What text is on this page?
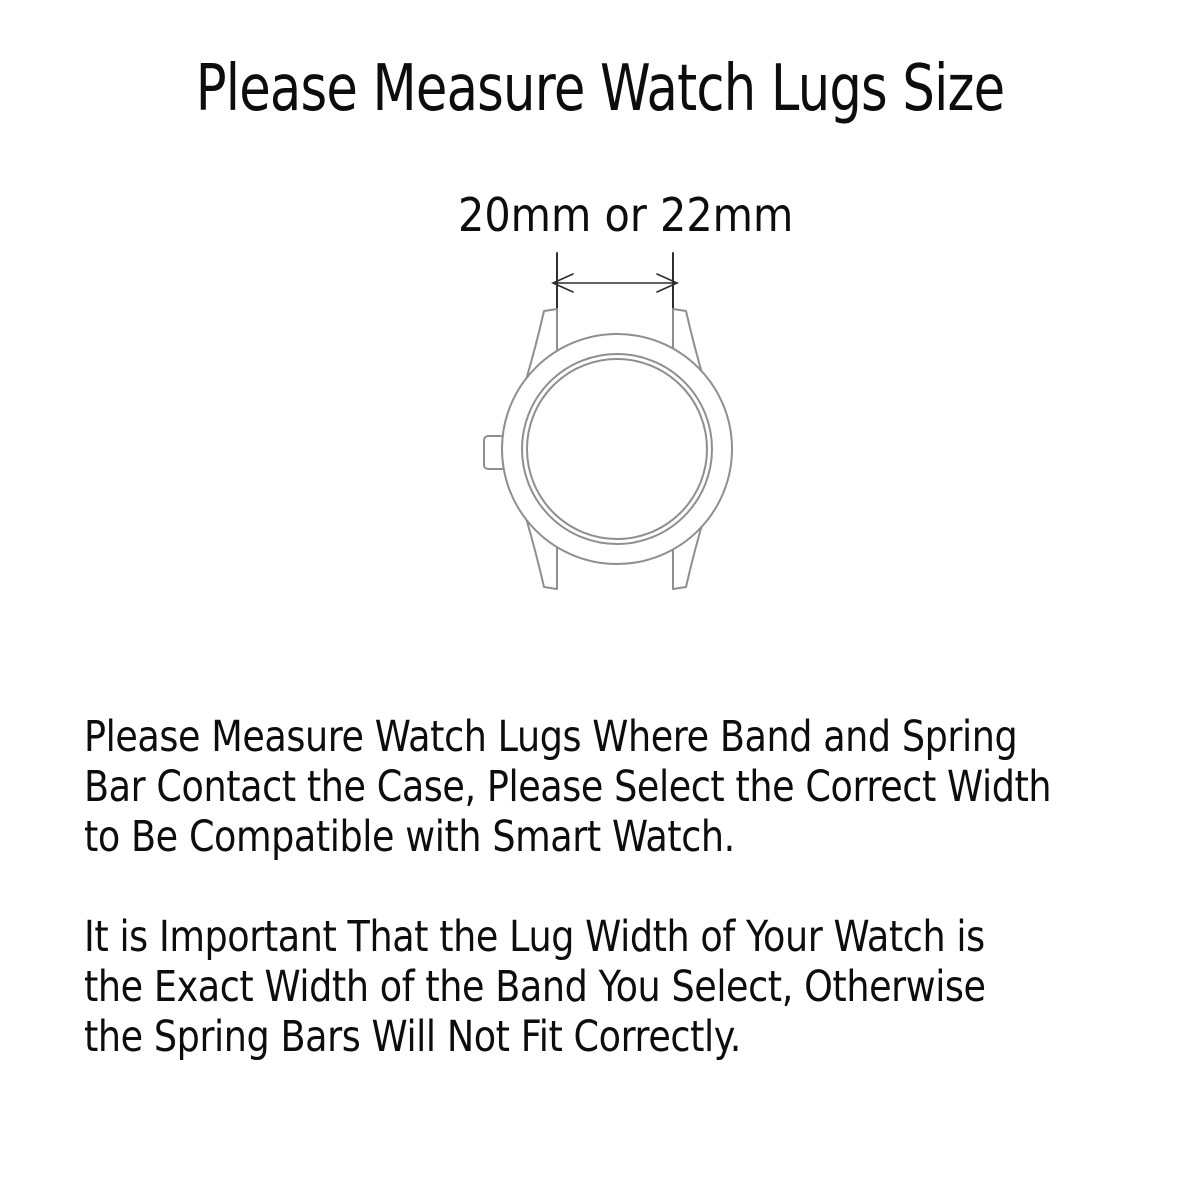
Please Measure Watch Lugs Size
20mm or 22mm
Please Measure Watch Lugs Where Band and Spring
Bar Contact the Case, Please Select the Correct Width
to Be Compatible with Smart Watch.
It is Important That the Lug Width of Your Watch is
the Exact Width of the Band You Select, Otherwise
the Spring Bars Will Not Fit Correctly.
